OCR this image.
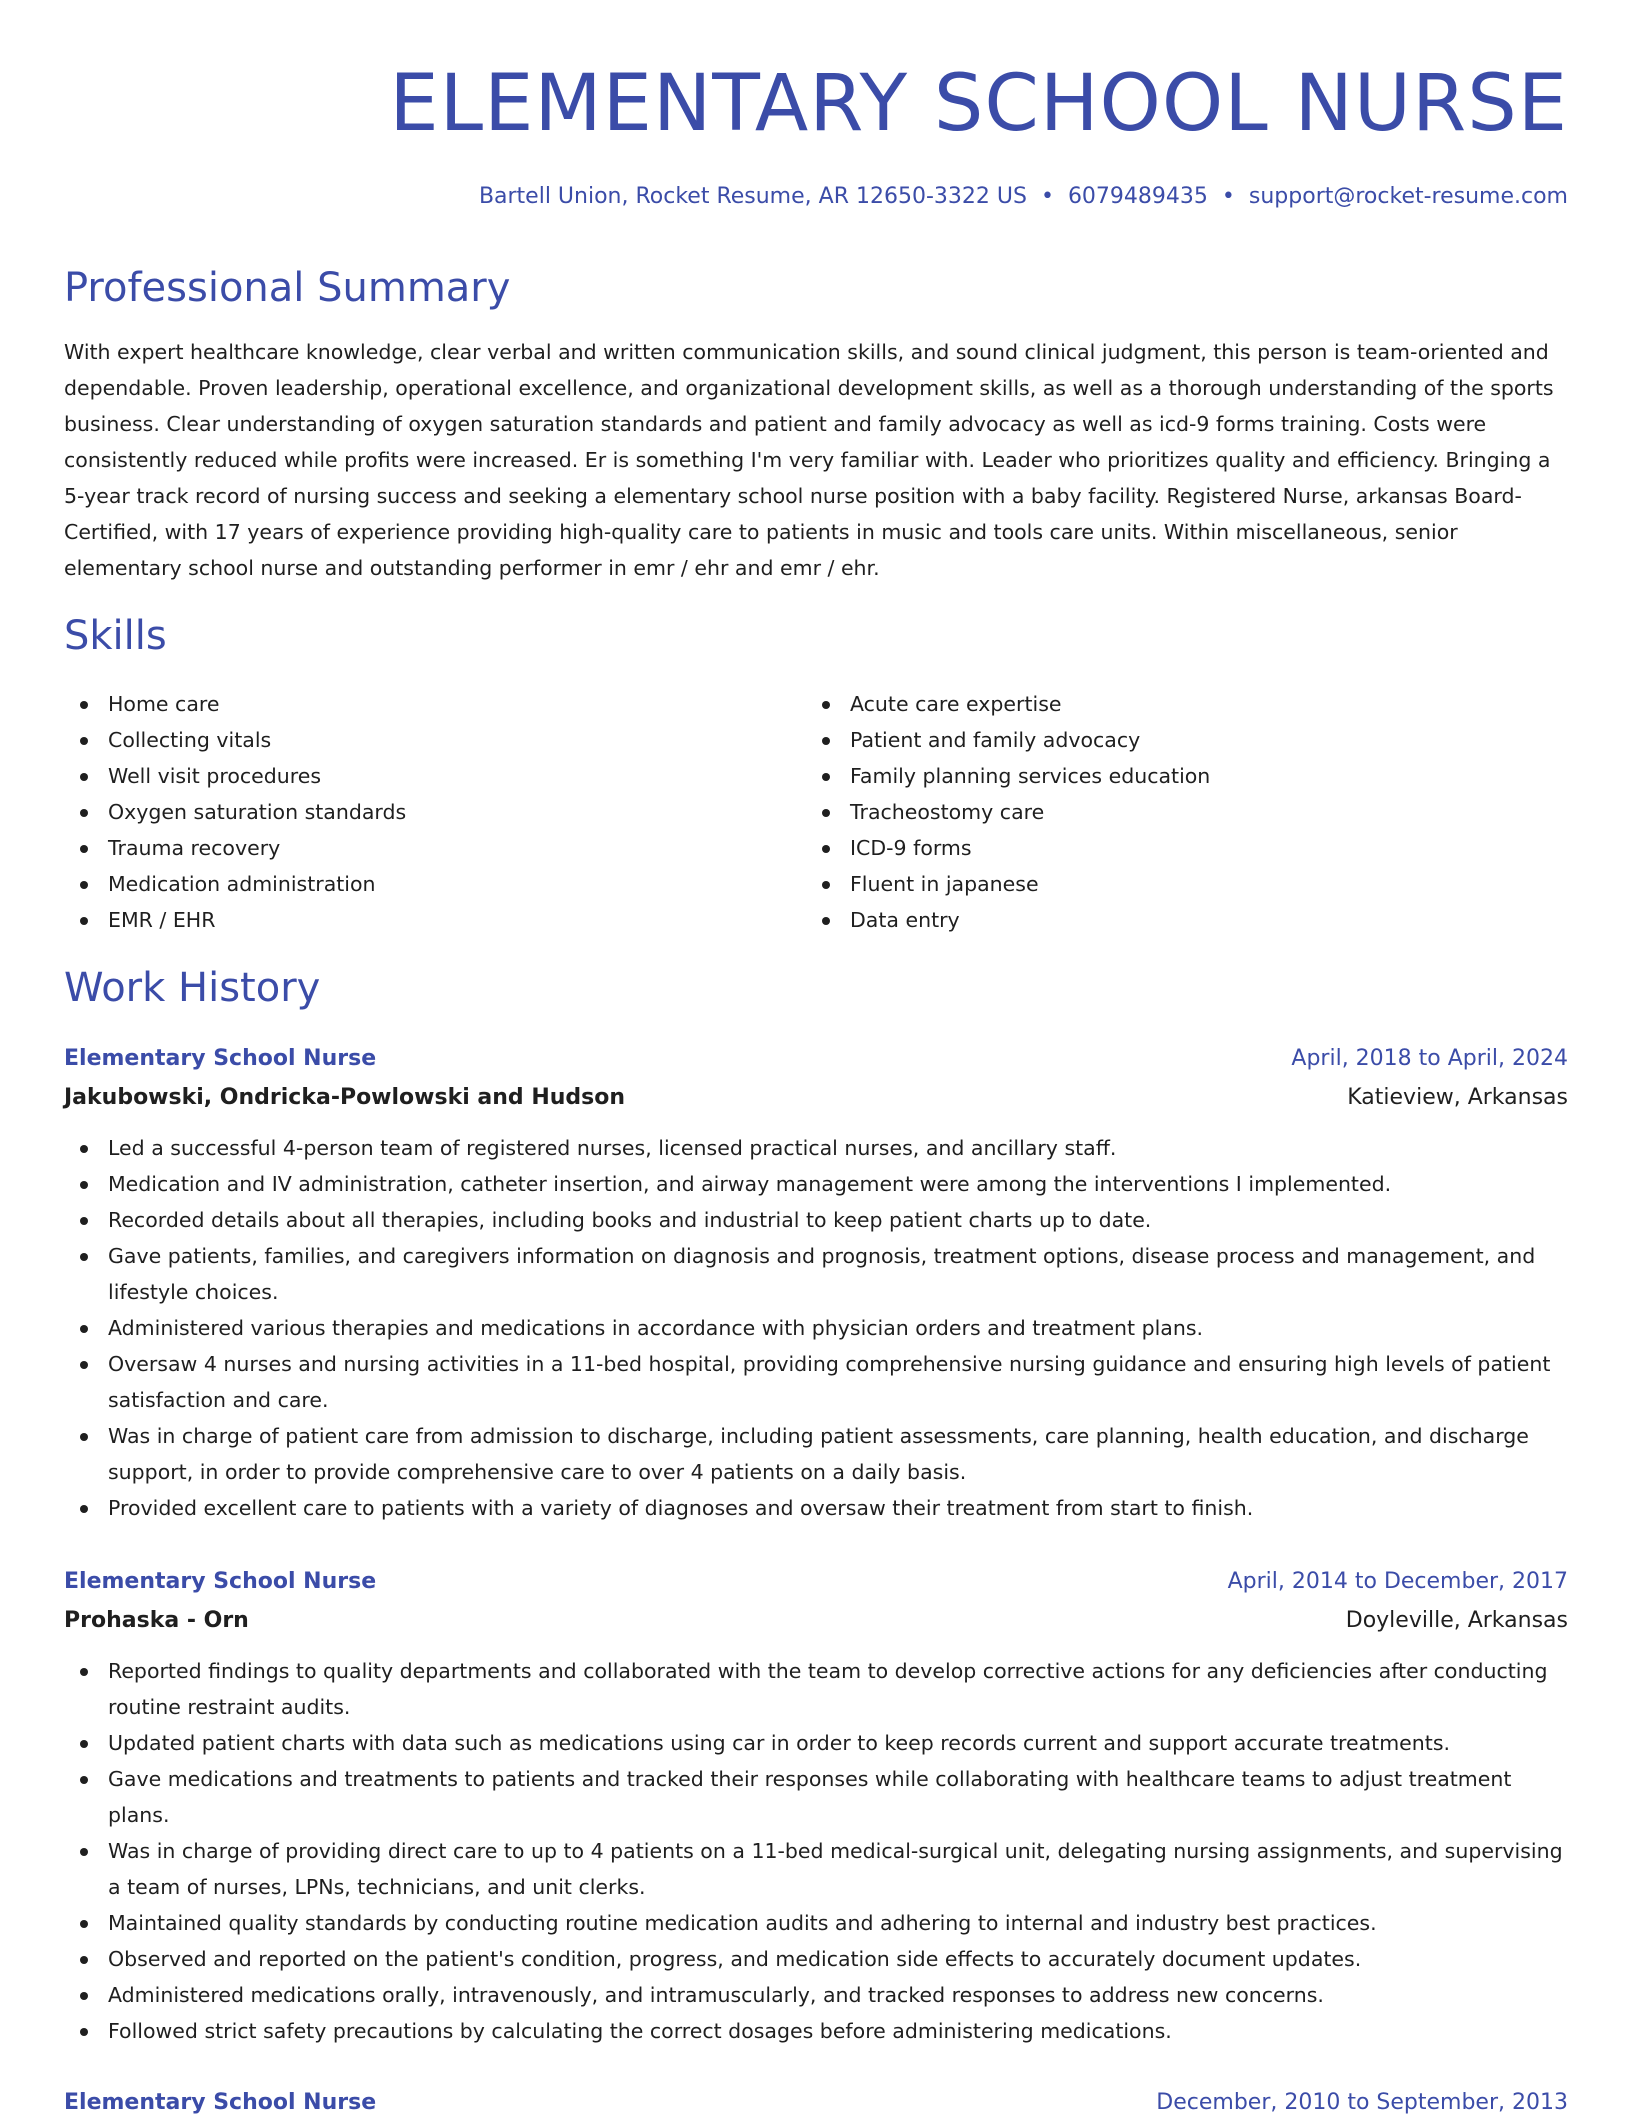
ELEMENTARY SCHOOL NURSE
Bartell Union, Rocket Resume, AR 12650-3322 US • 6079489435 • support@rocket-resume.com
Professional Summary

With expert healthcare knowledge, clear verbal and written communication skills, and sound clinical judgment, this person is team-oriented and dependable. Proven leadership, operational excellence, and organizational development skills, as well as a thorough understanding of the sports business. Clear understanding of oxygen saturation standards and patient and family advocacy as well as icd-9 forms training. Costs were consistently reduced while profits were increased. Er is something I'm very familiar with. Leader who prioritizes quality and efficiency. Bringing a 5-year track record of nursing success and seeking a elementary school nurse position with a baby facility. Registered Nurse, arkansas Board-Certified, with 17 years of experience providing high-quality care to patients in music and tools care units. Within miscellaneous, senior elementary school nurse and outstanding performer in emr / ehr and emr / ehr.

Skills
Home care
Collecting vitals
Well visit procedures
Oxygen saturation standards
Trauma recovery
Medication administration
EMR / EHR
Acute care expertise
Patient and family advocacy
Family planning services education
Tracheostomy care
ICD-9 forms
Fluent in japanese
Data entry
Work History
Elementary School Nurse	April, 2018 to April, 2024
Jakubowski, Ondricka-Powlowski and Hudson	Katieview, Arkansas
Led a successful 4-person team of registered nurses, licensed practical nurses, and ancillary staff.
Medication and IV administration, catheter insertion, and airway management were among the interventions I implemented.
Recorded details about all therapies, including books and industrial to keep patient charts up to date.
Gave patients, families, and caregivers information on diagnosis and prognosis, treatment options, disease process and management, and lifestyle choices.
Administered various therapies and medications in accordance with physician orders and treatment plans.
Oversaw 4 nurses and nursing activities in a 11-bed hospital, providing comprehensive nursing guidance and ensuring high levels of patient satisfaction and care.
Was in charge of patient care from admission to discharge, including patient assessments, care planning, health education, and discharge support, in order to provide comprehensive care to over 4 patients on a daily basis.
Provided excellent care to patients with a variety of diagnoses and oversaw their treatment from start to finish.
Elementary School Nurse	April, 2014 to December, 2017
Prohaska - Orn	Doyleville, Arkansas
Reported findings to quality departments and collaborated with the team to develop corrective actions for any deficiencies after conducting routine restraint audits.
Updated patient charts with data such as medications using car in order to keep records current and support accurate treatments.
Gave medications and treatments to patients and tracked their responses while collaborating with healthcare teams to adjust treatment plans.
Was in charge of providing direct care to up to 4 patients on a 11-bed medical-surgical unit, delegating nursing assignments, and supervising a team of nurses, LPNs, technicians, and unit clerks.
Maintained quality standards by conducting routine medication audits and adhering to internal and industry best practices.
Observed and reported on the patient's condition, progress, and medication side effects to accurately document updates.
Administered medications orally, intravenously, and intramuscularly, and tracked responses to address new concerns.
Followed strict safety precautions by calculating the correct dosages before administering medications.
Elementary School Nurse	December, 2010 to September, 2013
